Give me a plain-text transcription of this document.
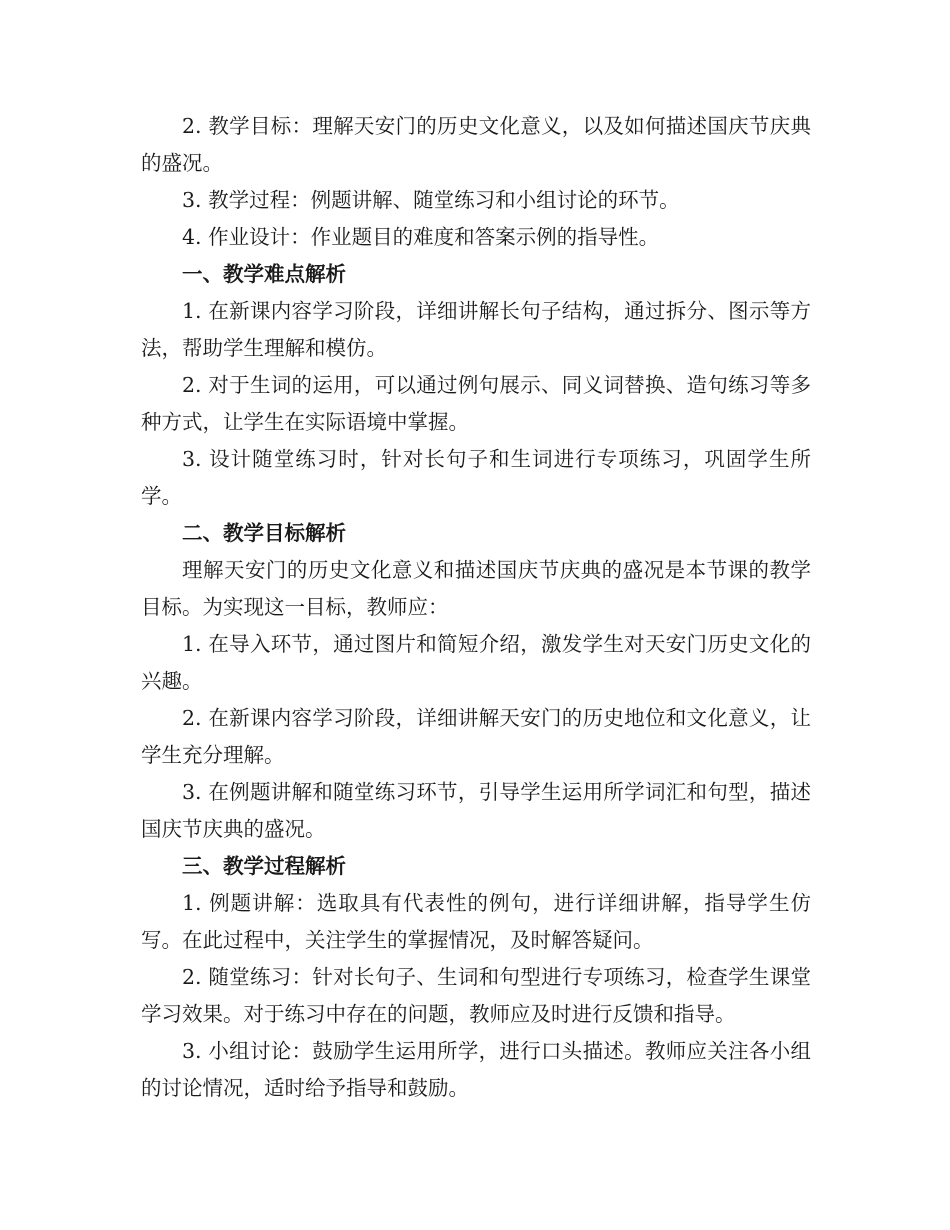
2. 教学目标：理解天安门的历史文化意义，以及如何描述国庆节庆典的盛况。

3. 教学过程：例题讲解、随堂练习和小组讨论的环节。

4. 作业设计：作业题目的难度和答案示例的指导性。

一、教学难点解析

1. 在新课内容学习阶段，详细讲解长句子结构，通过拆分、图示等方法，帮助学生理解和模仿。

2. 对于生词的运用，可以通过例句展示、同义词替换、造句练习等多种方式，让学生在实际语境中掌握。

3. 设计随堂练习时，针对长句子和生词进行专项练习，巩固学生所学。

二、教学目标解析

理解天安门的历史文化意义和描述国庆节庆典的盛况是本节课的教学目标。为实现这一目标，教师应：

1. 在导入环节，通过图片和简短介绍，激发学生对天安门历史文化的兴趣。

2. 在新课内容学习阶段，详细讲解天安门的历史地位和文化意义，让学生充分理解。

3. 在例题讲解和随堂练习环节，引导学生运用所学词汇和句型，描述国庆节庆典的盛况。

三、教学过程解析

1. 例题讲解：选取具有代表性的例句，进行详细讲解，指导学生仿写。在此过程中，关注学生的掌握情况，及时解答疑问。

2. 随堂练习：针对长句子、生词和句型进行专项练习，检查学生课堂学习效果。对于练习中存在的问题，教师应及时进行反馈和指导。

3. 小组讨论：鼓励学生运用所学，进行口头描述。教师应关注各小组的讨论情况，适时给予指导和鼓励。
